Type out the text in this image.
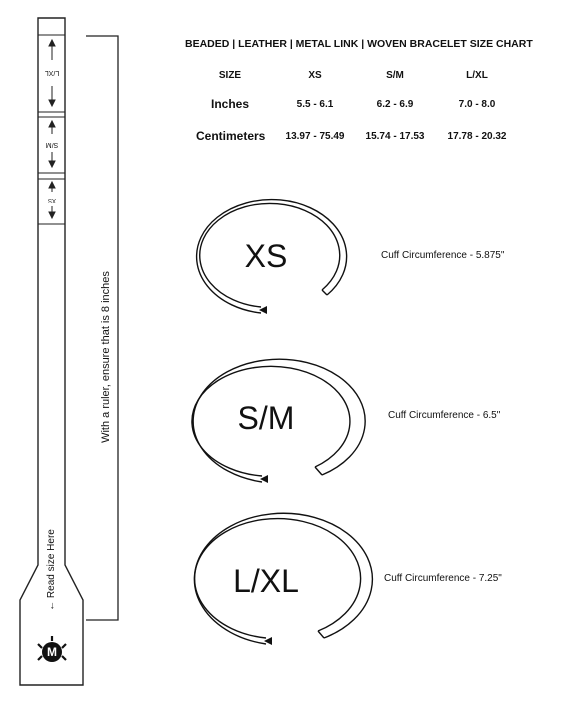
BEADED | LEATHER | METAL LINK | WOVEN BRACELET SIZE CHART
SIZE	XS	S/M	L/XL
Inches	5.5 - 6.1	6.2 - 6.9	7.0 - 8.0
Centimeters	13.97 - 75.49	15.74 - 17.53	17.78 - 20.32
M
L/XL
S/M
XS
← Read size Here
With a ruler, ensure that is 8 inches
XS
S/M
L/XL
Cuff Circumference - 5.875"
Cuff Circumference - 6.5"
Cuff Circumference - 7.25"
